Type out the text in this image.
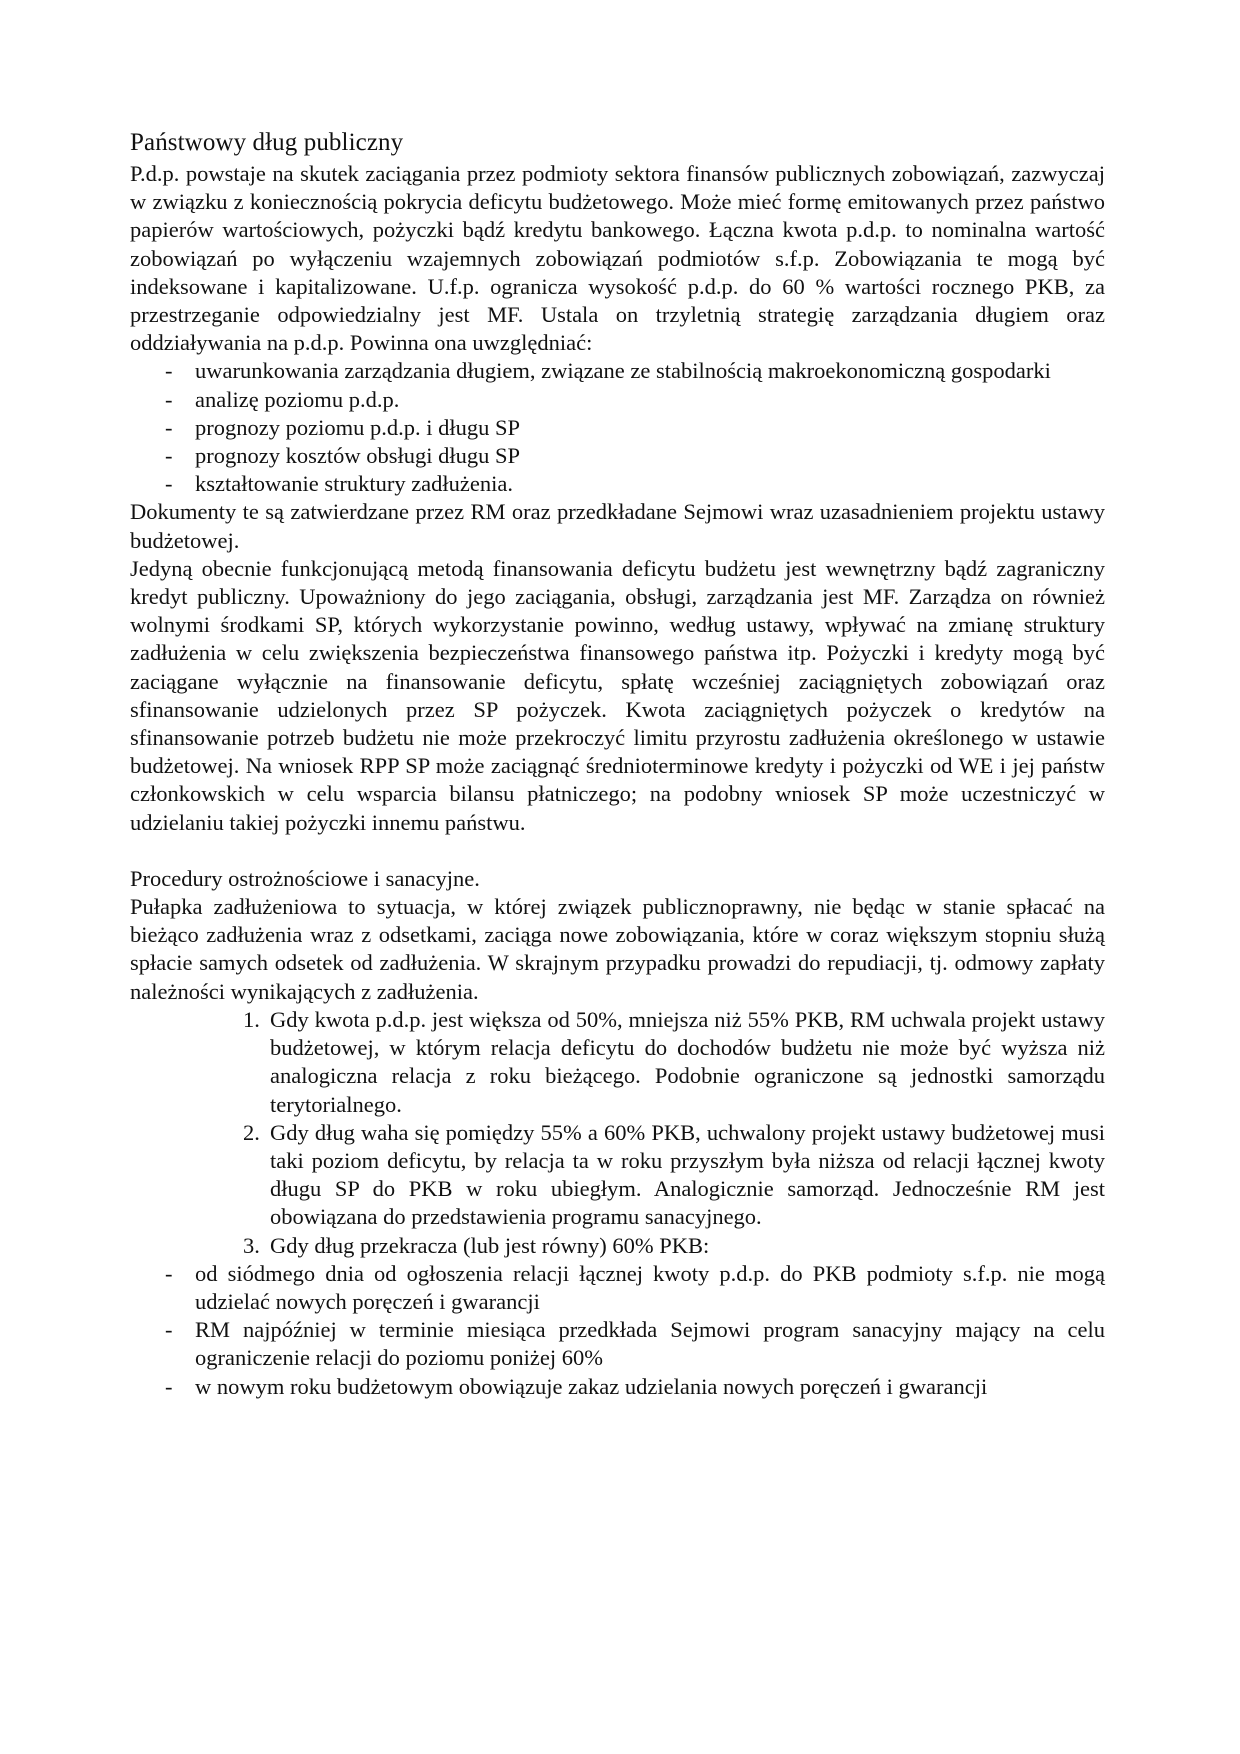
Państwowy dług publiczny

P.d.p. powstaje na skutek zaciągania przez podmioty sektora finansów publicznych zobowiązań, zazwyczaj w związku z koniecznością pokrycia deficytu budżetowego. Może mieć formę emitowanych przez państwo papierów wartościowych, pożyczki bądź kredytu bankowego. Łączna kwota p.d.p. to nominalna wartość zobowiązań po wyłączeniu wzajemnych zobowiązań podmiotów s.f.p. Zobowiązania te mogą być indeksowane i kapitalizowane. U.f.p. ogranicza wysokość p.d.p. do 60 % wartości rocznego PKB, za przestrzeganie odpowiedzialny jest MF. Ustala on trzyletnią strategię zarządzania długiem oraz oddziaływania na p.d.p. Powinna ona uwzględniać:

- uwarunkowania zarządzania długiem, związane ze stabilnością makroekonomiczną gospodarki
- analizę poziomu p.d.p.
- prognozy poziomu p.d.p. i długu SP
- prognozy kosztów obsługi długu SP
- kształtowanie struktury zadłużenia.

Dokumenty te są zatwierdzane przez RM oraz przedkładane Sejmowi wraz uzasadnieniem projektu ustawy budżetowej.

Jedyną obecnie funkcjonującą metodą finansowania deficytu budżetu jest wewnętrzny bądź zagraniczny kredyt publiczny. Upoważniony do jego zaciągania, obsługi, zarządzania jest MF. Zarządza on również wolnymi środkami SP, których wykorzystanie powinno, według ustawy, wpływać na zmianę struktury zadłużenia w celu zwiększenia bezpieczeństwa finansowego państwa itp. Pożyczki i kredyty mogą być zaciągane wyłącznie na finansowanie deficytu, spłatę wcześniej zaciągniętych zobowiązań oraz sfinansowanie udzielonych przez SP pożyczek. Kwota zaciągniętych pożyczek o kredytów na sfinansowanie potrzeb budżetu nie może przekroczyć limitu przyrostu zadłużenia określonego w ustawie budżetowej. Na wniosek RPP SP może zaciągnąć średnioterminowe kredyty i pożyczki od WE i jej państw członkowskich w celu wsparcia bilansu płatniczego; na podobny wniosek SP może uczestniczyć w udzielaniu takiej pożyczki innemu państwu.

Procedury ostrożnościowe i sanacyjne.

Pułapka zadłużeniowa to sytuacja, w której związek publicznoprawny, nie będąc w stanie spłacać na bieżąco zadłużenia wraz z odsetkami, zaciąga nowe zobowiązania, które w coraz większym stopniu służą spłacie samych odsetek od zadłużenia. W skrajnym przypadku prowadzi do repudiacji, tj. odmowy zapłaty należności wynikających z zadłużenia.

1. Gdy kwota p.d.p. jest większa od 50%, mniejsza niż 55% PKB, RM uchwala projekt ustawy budżetowej, w którym relacja deficytu do dochodów budżetu nie może być wyższa niż analogiczna relacja z roku bieżącego. Podobnie ograniczone są jednostki samorządu terytorialnego.
2. Gdy dług waha się pomiędzy 55% a 60% PKB, uchwalony projekt ustawy budżetowej musi taki poziom deficytu, by relacja ta w roku przyszłym była niższa od relacji łącznej kwoty długu SP do PKB w roku ubiegłym. Analogicznie samorząd. Jednocześnie RM jest obowiązana do przedstawienia programu sanacyjnego.
3. Gdy dług przekracza (lub jest równy) 60% PKB:
- od siódmego dnia od ogłoszenia relacji łącznej kwoty p.d.p. do PKB podmioty s.f.p. nie mogą udzielać nowych poręczeń i gwarancji
- RM najpóźniej w terminie miesiąca przedkłada Sejmowi program sanacyjny mający na celu ograniczenie relacji do poziomu poniżej 60%
- w nowym roku budżetowym obowiązuje zakaz udzielania nowych poręczeń i gwarancji
